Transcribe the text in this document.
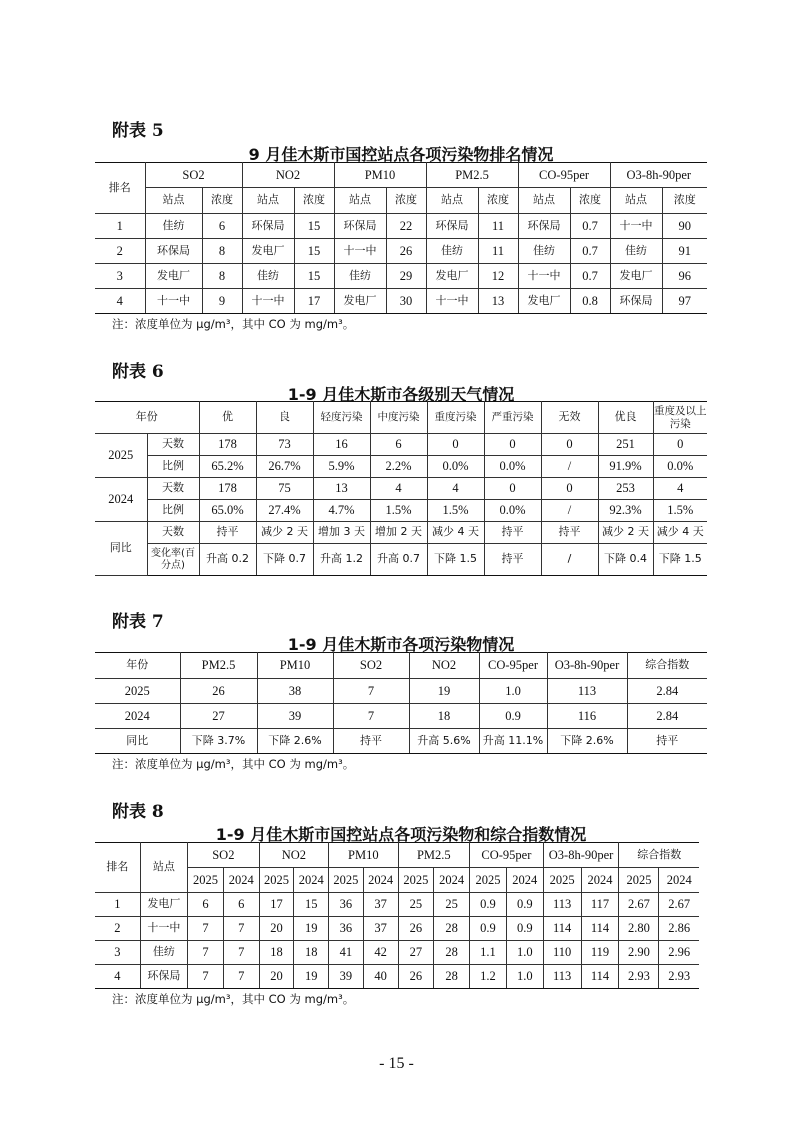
附表 5
9 月佳木斯市国控站点各项污染物排名情况
排名	SO2		NO2		PM10		PM2.5		CO-95per		O3-8h-90per	
	站点	浓度	站点	浓度	站点	浓度	站点	浓度	站点	浓度	站点	浓度
1	佳纺	6	环保局	15	环保局	22	环保局	11	环保局	0.7	十一中	90
2	环保局	8	发电厂	15	十一中	26	佳纺	11	佳纺	0.7	佳纺	91
3	发电厂	8	佳纺	15	佳纺	29	发电厂	12	十一中	0.7	发电厂	96
4	十一中	9	十一中	17	发电厂	30	十一中	13	发电厂	0.8	环保局	97
注：浓度单位为 μg/m³，其中 CO 为 mg/m³。
附表 6
1-9 月佳木斯市各级别天气情况
年份		优	良	轻度污染	中度污染	重度污染	严重污染	无效	优良	重度及以上污染
2025	天数	178	73	16	6	0	0	0	251	0
	比例	65.2%	26.7%	5.9%	2.2%	0.0%	0.0%	/	91.9%	0.0%
2024	天数	178	75	13	4	4	0	0	253	4
	比例	65.0%	27.4%	4.7%	1.5%	1.5%	0.0%	/	92.3%	1.5%
同比	天数	持平	减少 2 天	增加 3 天	增加 2 天	减少 4 天	持平	持平	减少 2 天	减少 4 天
	变化率(百分点)	升高 0.2	下降 0.7	升高 1.2	升高 0.7	下降 1.5	持平	/	下降 0.4	下降 1.5
附表 7
1-9 月佳木斯市各项污染物情况
年份	PM2.5	PM10	SO2	NO2	CO-95per	O3-8h-90per	综合指数
2025	26	38	7	19	1.0	113	2.84
2024	27	39	7	18	0.9	116	2.84
同比	下降 3.7%	下降 2.6%	持平	升高 5.6%	升高 11.1%	下降 2.6%	持平
注：浓度单位为 μg/m³，其中 CO 为 mg/m³。
附表 8
1-9 月佳木斯市国控站点各项污染物和综合指数情况
排名	站点	SO2		NO2		PM10		PM2.5		CO-95per		O3-8h-90per		综合指数	
		2025	2024	2025	2024	2025	2024	2025	2024	2025	2024	2025	2024	2025	2024
1	发电厂	6	6	17	15	36	37	25	25	0.9	0.9	113	117	2.67	2.67
2	十一中	7	7	20	19	36	37	26	28	0.9	0.9	114	114	2.80	2.86
3	佳纺	7	7	18	18	41	42	27	28	1.1	1.0	110	119	2.90	2.96
4	环保局	7	7	20	19	39	40	26	28	1.2	1.0	113	114	2.93	2.93
注：浓度单位为 μg/m³，其中 CO 为 mg/m³。
- 15 -
